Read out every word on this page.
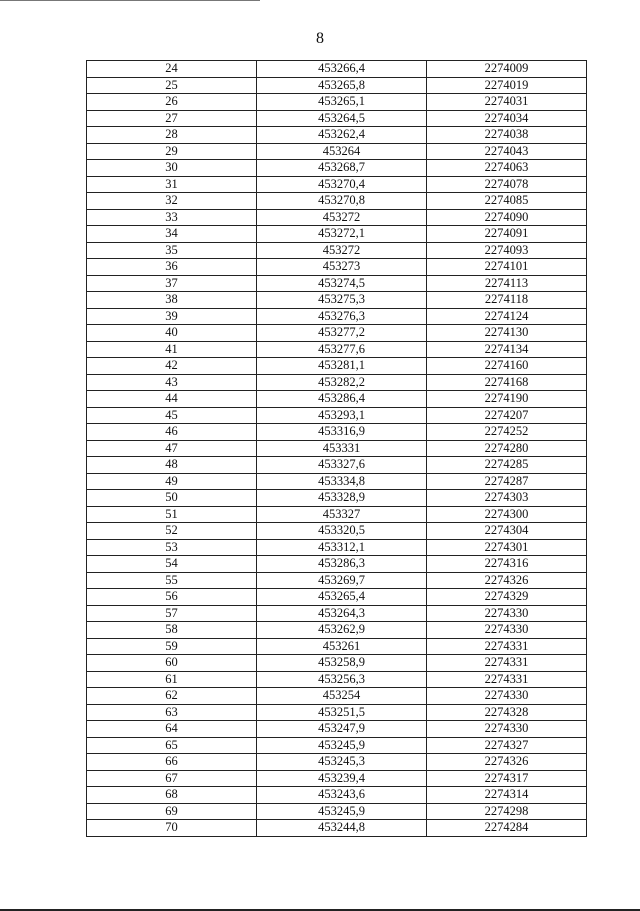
8
24	453266,4	2274009
25	453265,8	2274019
26	453265,1	2274031
27	453264,5	2274034
28	453262,4	2274038
29	453264	2274043
30	453268,7	2274063
31	453270,4	2274078
32	453270,8	2274085
33	453272	2274090
34	453272,1	2274091
35	453272	2274093
36	453273	2274101
37	453274,5	2274113
38	453275,3	2274118
39	453276,3	2274124
40	453277,2	2274130
41	453277,6	2274134
42	453281,1	2274160
43	453282,2	2274168
44	453286,4	2274190
45	453293,1	2274207
46	453316,9	2274252
47	453331	2274280
48	453327,6	2274285
49	453334,8	2274287
50	453328,9	2274303
51	453327	2274300
52	453320,5	2274304
53	453312,1	2274301
54	453286,3	2274316
55	453269,7	2274326
56	453265,4	2274329
57	453264,3	2274330
58	453262,9	2274330
59	453261	2274331
60	453258,9	2274331
61	453256,3	2274331
62	453254	2274330
63	453251,5	2274328
64	453247,9	2274330
65	453245,9	2274327
66	453245,3	2274326
67	453239,4	2274317
68	453243,6	2274314
69	453245,9	2274298
70	453244,8	2274284
